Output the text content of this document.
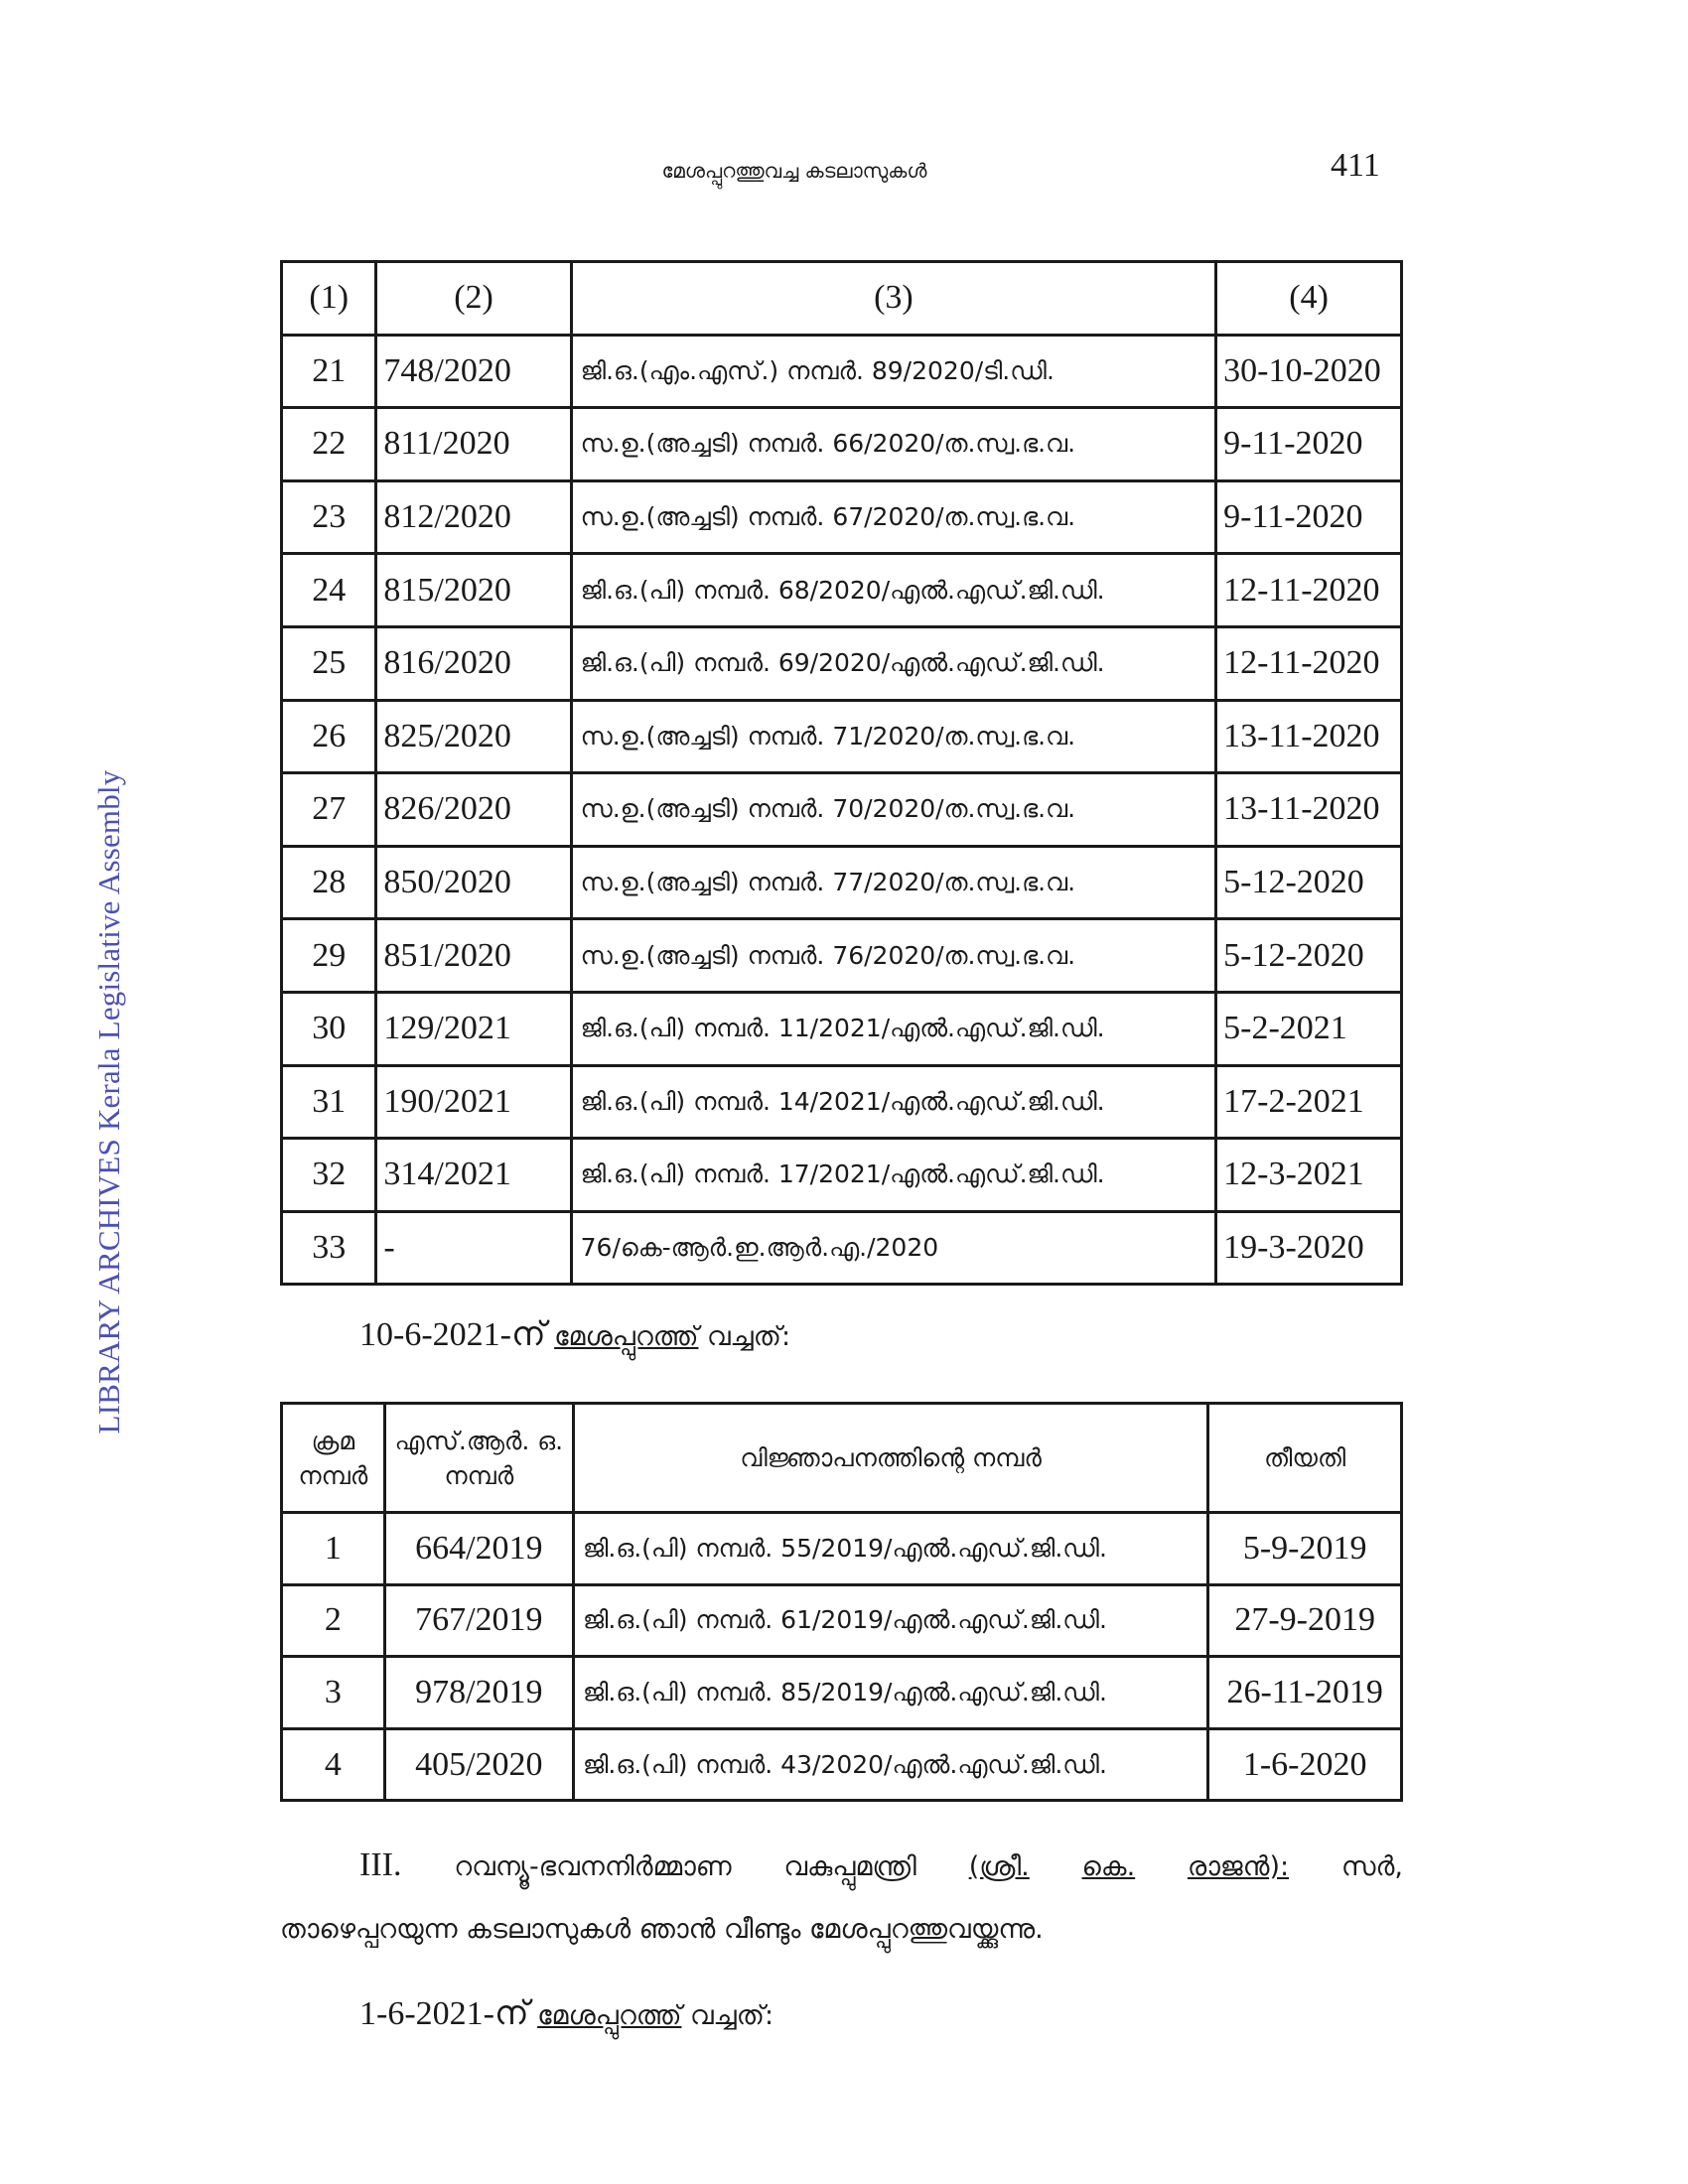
മേശപ്പുറത്തുവച്ച കടലാസുകൾ	411
LIBRARY ARCHIVES Kerala Legislative Assembly
(1)	(2)	(3)	(4)
21	748/2020	ജി.ഒ.(എം.എസ്.) നമ്പർ. 89/2020/ടി.ഡി.	30-10-2020
22	811/2020	സ.ഉ.(അച്ചടി) നമ്പർ. 66/2020/ത.സ്വ.ഭ.വ.	9-11-2020
23	812/2020	സ.ഉ.(അച്ചടി) നമ്പർ. 67/2020/ത.സ്വ.ഭ.വ.	9-11-2020
24	815/2020	ജി.ഒ.(പി) നമ്പർ. 68/2020/എൽ.എഡ്.ജി.ഡി.	12-11-2020
25	816/2020	ജി.ഒ.(പി) നമ്പർ. 69/2020/എൽ.എഡ്.ജി.ഡി.	12-11-2020
26	825/2020	സ.ഉ.(അച്ചടി) നമ്പർ. 71/2020/ത.സ്വ.ഭ.വ.	13-11-2020
27	826/2020	സ.ഉ.(അച്ചടി) നമ്പർ. 70/2020/ത.സ്വ.ഭ.വ.	13-11-2020
28	850/2020	സ.ഉ.(അച്ചടി) നമ്പർ. 77/2020/ത.സ്വ.ഭ.വ.	5-12-2020
29	851/2020	സ.ഉ.(അച്ചടി) നമ്പർ. 76/2020/ത.സ്വ.ഭ.വ.	5-12-2020
30	129/2021	ജി.ഒ.(പി) നമ്പർ. 11/2021/എൽ.എഡ്.ജി.ഡി.	5-2-2021
31	190/2021	ജി.ഒ.(പി) നമ്പർ. 14/2021/എൽ.എഡ്.ജി.ഡി.	17-2-2021
32	314/2021	ജി.ഒ.(പി) നമ്പർ. 17/2021/എൽ.എഡ്.ജി.ഡി.	12-3-2021
33	-	76/കെ-ആർ.ഇ.ആർ.എ./2020	19-3-2020
10-6-2021-ന് മേശപ്പുറത്ത് വച്ചത്:
ക്രമ നമ്പർ	എസ്.ആർ. ഒ. നമ്പർ	വിജ്ഞാപനത്തിന്റെ നമ്പർ	തീയതി
1	664/2019	ജി.ഒ.(പി) നമ്പർ. 55/2019/എൽ.എഡ്.ജി.ഡി.	5-9-2019
2	767/2019	ജി.ഒ.(പി) നമ്പർ. 61/2019/എൽ.എഡ്.ജി.ഡി.	27-9-2019
3	978/2019	ജി.ഒ.(പി) നമ്പർ. 85/2019/എൽ.എഡ്.ജി.ഡി.	26-11-2019
4	405/2020	ജി.ഒ.(പി) നമ്പർ. 43/2020/എൽ.എഡ്.ജി.ഡി.	1-6-2020
III. റവന്യൂ-ഭവനനിർമ്മാണ വകുപ്പുമന്ത്രി (ശ്രീ. കെ. രാജൻ): സർ,
താഴെപ്പറയുന്ന കടലാസുകൾ ഞാൻ വീണ്ടും മേശപ്പുറത്തുവയ്ക്കുന്നു.
1-6-2021-ന് മേശപ്പുറത്ത് വച്ചത്:
